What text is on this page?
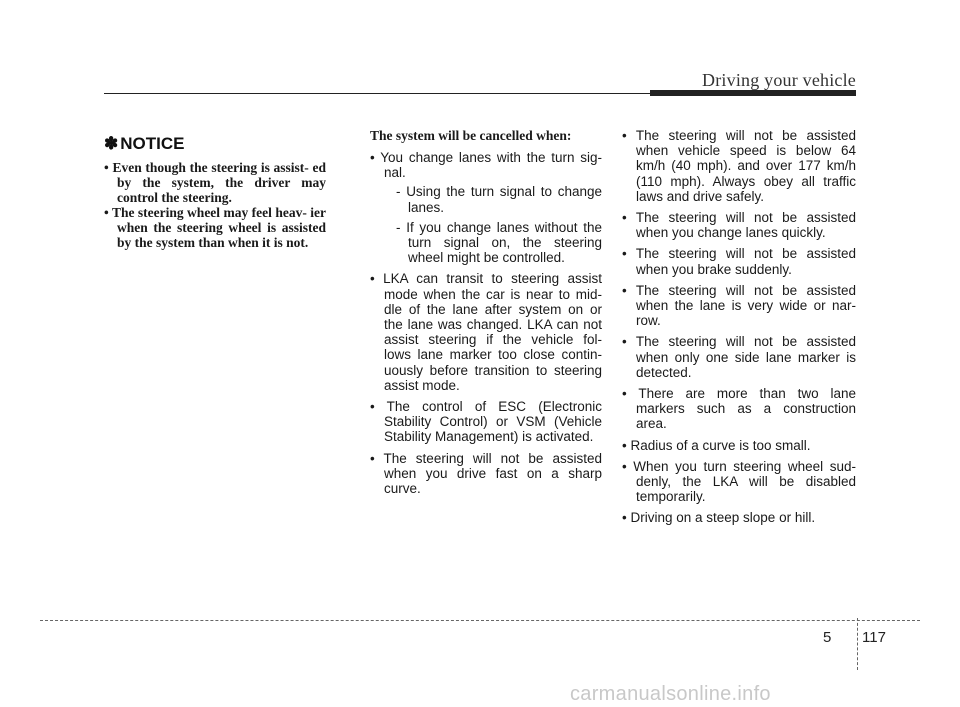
Driving your vehicle
✽ NOTICE
• Even though the steering is assist- ed by the system, the driver may control the steering.
• The steering wheel may feel heav- ier when the steering wheel is assisted by the system than when it is not.
The system will be cancelled when:
• You change lanes with the turn sig- nal.
- Using the turn signal to change lanes.
- If you change lanes without the turn signal on, the steering wheel might be controlled.
• LKA can transit to steering assist mode when the car is near to mid- dle of the lane after system on or the lane was changed. LKA can not assist steering if the vehicle fol- lows lane marker too close contin- uously before transition to steering assist mode.
• The control of ESC (Electronic Stability Control) or VSM (Vehicle Stability Management) is activated.
• The steering will not be assisted when you drive fast on a sharp curve.
• The steering will not be assisted when vehicle speed is below 64 km/h (40 mph). and over 177 km/h (110 mph). Always obey all traffic laws and drive safely.
• The steering will not be assisted when you change lanes quickly.
• The steering will not be assisted when you brake suddenly.
• The steering will not be assisted when the lane is very wide or nar- row.
• The steering will not be assisted when only one side lane marker is detected.
• There are more than two lane markers such as a construction area.
• Radius of a curve is too small.
• When you turn steering wheel sud- denly, the LKA will be disabled temporarily.
• Driving on a steep slope or hill.
5 117
carmanualsonline.info
